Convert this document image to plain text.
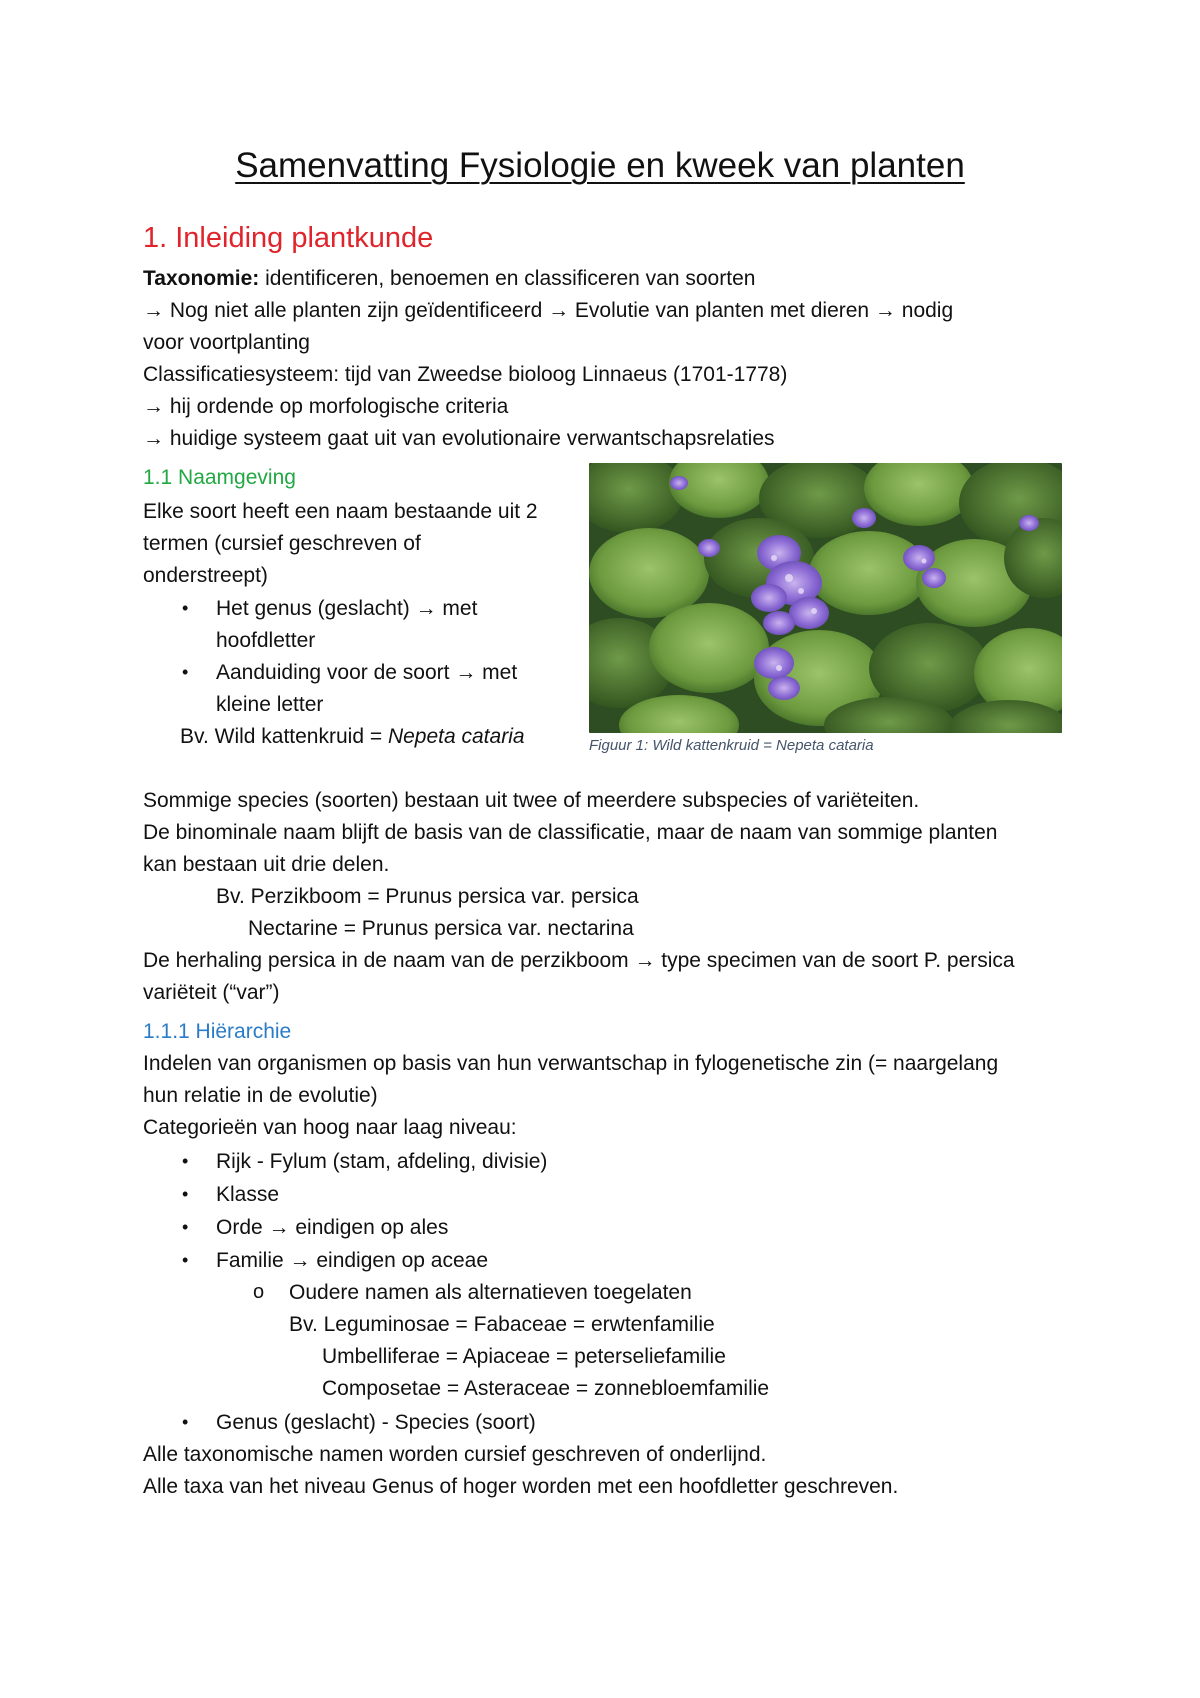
Samenvatting Fysiologie en kweek van planten
1. Inleiding plantkunde
Taxonomie: identificeren, benoemen en classificeren van soorten
→ Nog niet alle planten zijn geïdentificeerd → Evolutie van planten met dieren → nodig
voor voortplanting
Classificatiesysteem: tijd van Zweedse bioloog Linnaeus (1701-1778)
→ hij ordende op morfologische criteria
→ huidige systeem gaat uit van evolutionaire verwantschapsrelaties
1.1 Naamgeving
Elke soort heeft een naam bestaande uit 2
termen (cursief geschreven of
onderstreept)
• Het genus (geslacht) → met
hoofdletter
• Aanduiding voor de soort → met
kleine letter
Bv. Wild kattenkruid = Nepeta cataria	Figuur 1: Wild kattenkruid = Nepeta cataria
Sommige species (soorten) bestaan uit twee of meerdere subspecies of variëteiten.
De binominale naam blijft de basis van de classificatie, maar de naam van sommige planten
kan bestaan uit drie delen.
Bv. Perzikboom = Prunus persica var. persica
Nectarine = Prunus persica var. nectarina
De herhaling persica in de naam van de perzikboom → type specimen van de soort P. persica
variëteit (“var”)
1.1.1 Hiërarchie
Indelen van organismen op basis van hun verwantschap in fylogenetische zin (= naargelang
hun relatie in de evolutie)
Categorieën van hoog naar laag niveau:
• Rijk - Fylum (stam, afdeling, divisie)
• Klasse
• Orde → eindigen op ales
• Familie → eindigen op aceae
o Oudere namen als alternatieven toegelaten
Bv. Leguminosae = Fabaceae = erwtenfamilie
Umbelliferae = Apiaceae = peterseliefamilie
Composetae = Asteraceae = zonnebloemfamilie
• Genus (geslacht) - Species (soort)
Alle taxonomische namen worden cursief geschreven of onderlijnd.
Alle taxa van het niveau Genus of hoger worden met een hoofdletter geschreven.
